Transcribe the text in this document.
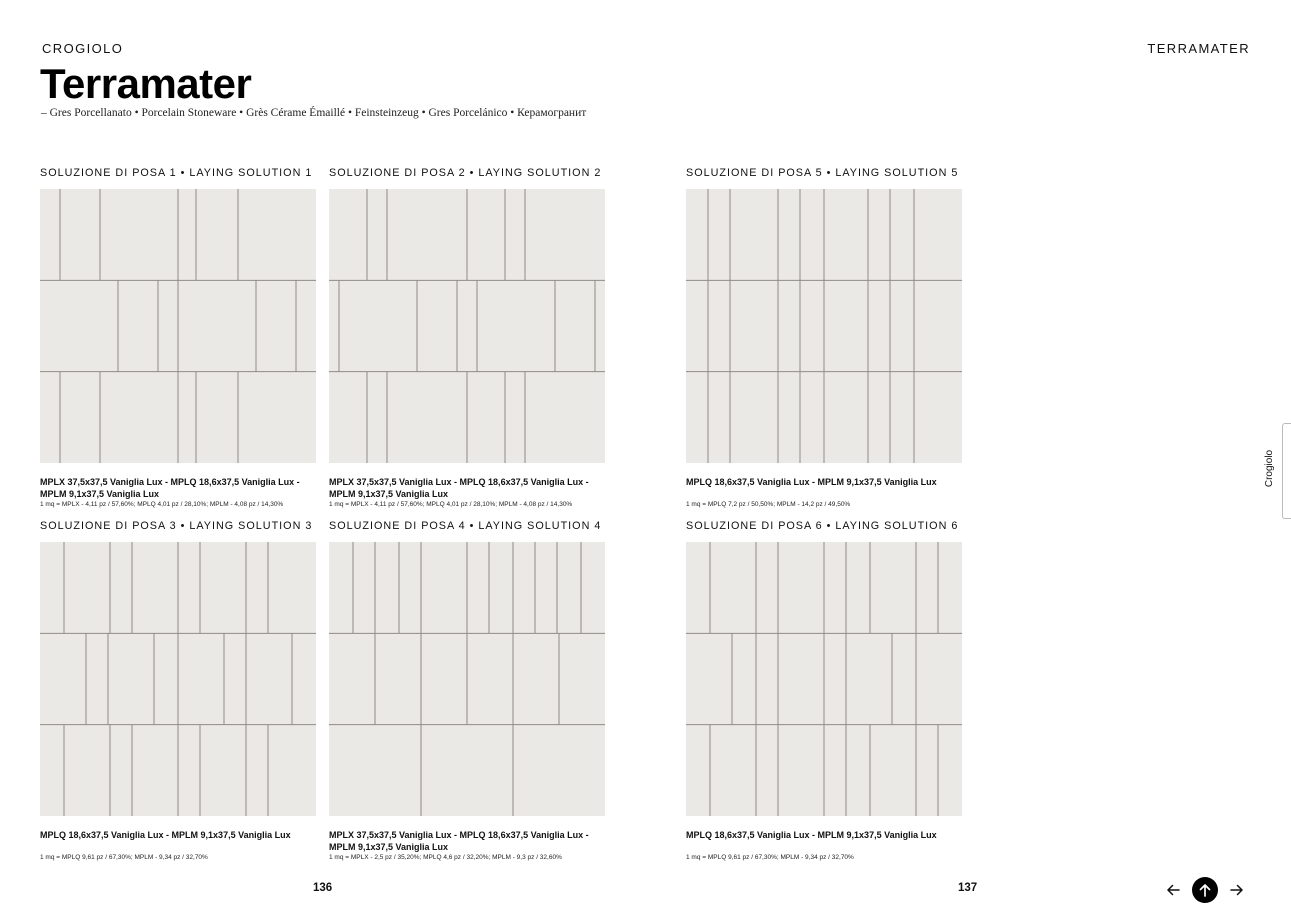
CROGIOLO	TERRAMATER
Terramater
– Gres Porcellanato • Porcelain Stoneware • Grès Cérame Émaillé • Feinsteinzeug • Gres Porcelánico • Керамогранит
SOLUZIONE DI POSA 1 • LAYING SOLUTION 1
MPLX 37,5x37,5 Vaniglia Lux - MPLQ 18,6x37,5 Vaniglia Lux - MPLM 9,1x37,5 Vaniglia Lux
1 mq = MPLX - 4,11 pz / 57,60%; MPLQ 4,01 pz / 28,10%; MPLM - 4,08 pz / 14,30%
SOLUZIONE DI POSA 2 • LAYING SOLUTION 2
MPLX 37,5x37,5 Vaniglia Lux - MPLQ 18,6x37,5 Vaniglia Lux - MPLM 9,1x37,5 Vaniglia Lux
1 mq = MPLX - 4,11 pz / 57,60%; MPLQ 4,01 pz / 28,10%; MPLM - 4,08 pz / 14,30%
SOLUZIONE DI POSA 5 • LAYING SOLUTION 5
MPLQ 18,6x37,5 Vaniglia Lux - MPLM 9,1x37,5 Vaniglia Lux
1 mq = MPLQ 7,2 pz / 50,50%; MPLM - 14,2 pz / 49,50%
SOLUZIONE DI POSA 3 • LAYING SOLUTION 3
MPLQ 18,6x37,5 Vaniglia Lux - MPLM 9,1x37,5 Vaniglia Lux
1 mq = MPLQ 9,61 pz / 67,30%; MPLM - 9,34 pz / 32,70%
SOLUZIONE DI POSA 4 • LAYING SOLUTION 4
MPLX 37,5x37,5 Vaniglia Lux - MPLQ 18,6x37,5 Vaniglia Lux - MPLM 9,1x37,5 Vaniglia Lux
1 mq = MPLX - 2,5 pz / 35,20%; MPLQ 4,6 pz / 32,20%; MPLM - 9,3 pz / 32,60%
SOLUZIONE DI POSA 6 • LAYING SOLUTION 6
MPLQ 18,6x37,5 Vaniglia Lux - MPLM 9,1x37,5 Vaniglia Lux
1 mq = MPLQ 9,61 pz / 67,30%; MPLM - 9,34 pz / 32,70%
136	137
Crogiolo
